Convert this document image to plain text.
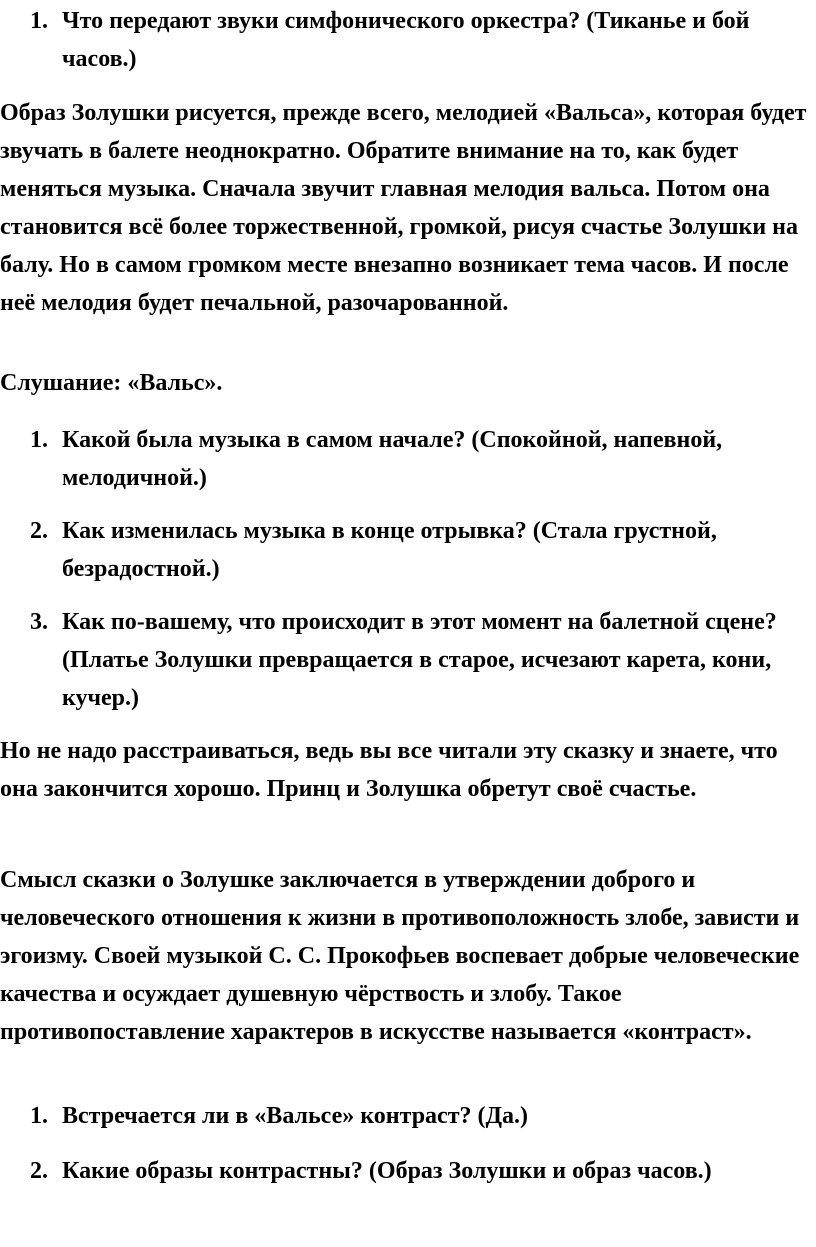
1. Что передают звуки симфонического оркестра? (Тиканье и бой часов.)
Образ Золушки рисуется, прежде всего, мелодией «Вальса», которая будет звучать в балете неоднократно. Обратите внимание на то, как будет меняться музыка. Сначала звучит главная мелодия вальса. Потом она становится всё более торжественной, громкой, рисуя счастье Золушки на балу. Но в самом громком месте внезапно возникает тема часов. И после неё мелодия будет печальной, разочарованной.
Слушание: «Вальс».
1. Какой была музыка в самом начале? (Спокойной, напевной, мелодичной.)
2. Как изменилась музыка в конце отрывка? (Стала грустной, безрадостной.)
3. Как по-вашему, что происходит в этот момент на балетной сцене? (Платье Золушки превращается в старое, исчезают карета, кони, кучер.)
Но не надо расстраиваться, ведь вы все читали эту сказку и знаете, что она закончится хорошо. Принц и Золушка обретут своё счастье.
Смысл сказки о Золушке заключается в утверждении доброго и человеческого отношения к жизни в противоположность злобе, зависти и эгоизму. Своей музыкой С. С. Прокофьев воспевает добрые человеческие качества и осуждает душевную чёрствость и злобу. Такое противопоставление характеров в искусстве называется «контраст».
1. Встречается ли в «Вальсе» контраст? (Да.)
2. Какие образы контрастны? (Образ Золушки и образ часов.)
